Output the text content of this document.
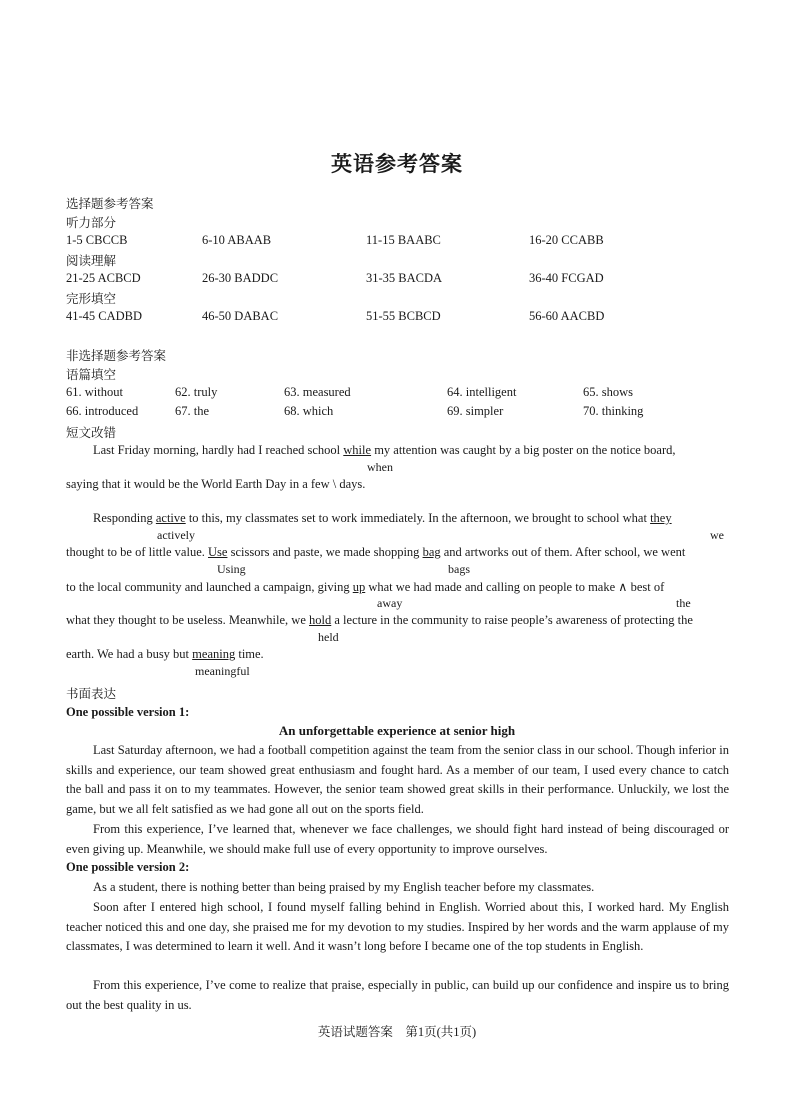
英语参考答案
选择题参考答案
听力部分
1-5 CBCCB	6-10 ABAAB	11-15 BAABC	16-20 CCABB
阅读理解
21-25 ACBCD	26-30 BADDC	31-35 BACDA	36-40 FCGAD
完形填空
41-45 CADBD	46-50 DABAC	51-55 BCBCD	56-60 AACBD
非选择题参考答案
语篇填空
61. without	62. truly	63. measured	64. intelligent	65. shows
66. introduced	67. the	68. which	69. simpler	70. thinking
短文改错
Last Friday morning, hardly had I reached school while my attention was caught by a big poster on the notice board,
when
saying that it would be the World Earth Day in a few \ days.
Responding active to this, my classmates set to work immediately. In the afternoon, we brought to school what they
actively	we
thought to be of little value. Use scissors and paste, we made shopping bag and artworks out of them. After school, we went
Using	bags
to the local community and launched a campaign, giving up what we had made and calling on people to make ∧ best of
away	the
what they thought to be useless. Meanwhile, we hold a lecture in the community to raise people’s awareness of protecting the
held
earth. We had a busy but meaning time.
meaningful
书面表达
One possible version 1:
An unforgettable experience at senior high
Last Saturday afternoon, we had a football competition against the team from the senior class in our school. Though inferior in skills and experience, our team showed great enthusiasm and fought hard. As a member of our team, I used every chance to catch the ball and pass it on to my teammates. However, the senior team showed great skills in their performance. Unluckily, we lost the game, but we all felt satisfied as we had gone all out on the sports field.
From this experience, I’ve learned that, whenever we face challenges, we should fight hard instead of being discouraged or even giving up. Meanwhile, we should make full use of every opportunity to improve ourselves.
One possible version 2:
As a student, there is nothing better than being praised by my English teacher before my classmates.
Soon after I entered high school, I found myself falling behind in English. Worried about this, I worked hard. My English teacher noticed this and one day, she praised me for my devotion to my studies. Inspired by her words and the warm applause of my classmates, I was determined to learn it well. And it wasn’t long before I became one of the top students in English.
From this experience, I’ve come to realize that praise, especially in public, can build up our confidence and inspire us to bring out the best quality in us.
英语试题答案　第1页(共1页)
